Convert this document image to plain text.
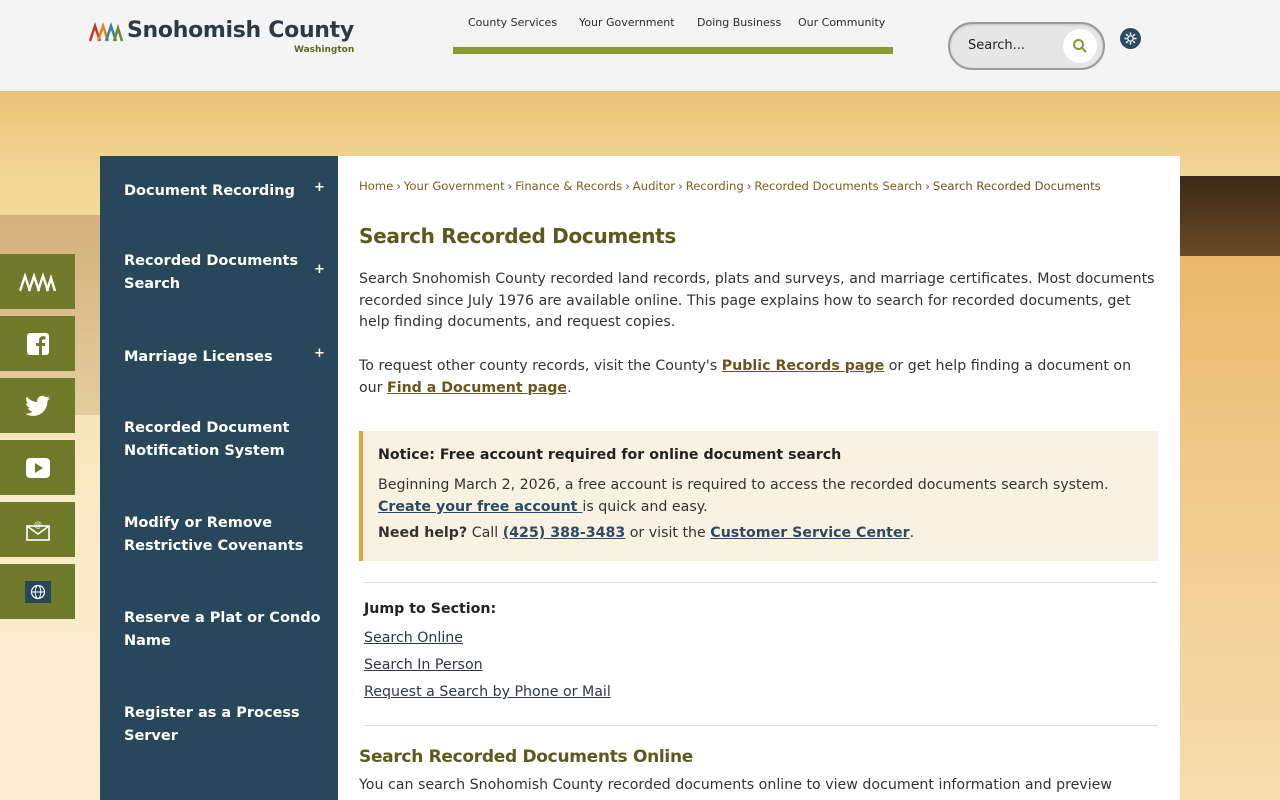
Snohomish County
Washington
County Services Your Government Doing Business Our Community
Search...
@
Document Recording	+
Recorded Documents Search
+
Marriage Licenses	+
Recorded Document Notification System
Modify or Remove Restrictive Covenants
Reserve a Plat or Condo Name
Register as a Process Server
Home › Your Government › Finance & Records › Auditor › Recording › Recorded Documents Search › Search Recorded Documents
Search Recorded Documents

Search Snohomish County recorded land records, plats and surveys, and marriage certificates. Most documents recorded since July 1976 are available online. This page explains how to search for recorded documents, get help finding documents, and request copies.

To request other county records, visit the County's Public Records page or get help finding a document on our Find a Document page.

Notice: Free account required for online document search
Beginning March 2, 2026, a free account is required to access the recorded documents search system. Create your free account is quick and easy.
Need help? Call (425) 388-3483 or visit the Customer Service Center.
Jump to Section:
Search Online
Search In Person
Request a Search by Phone or Mail
Search Recorded Documents Online

You can search Snohomish County recorded documents online to view document information and preview
